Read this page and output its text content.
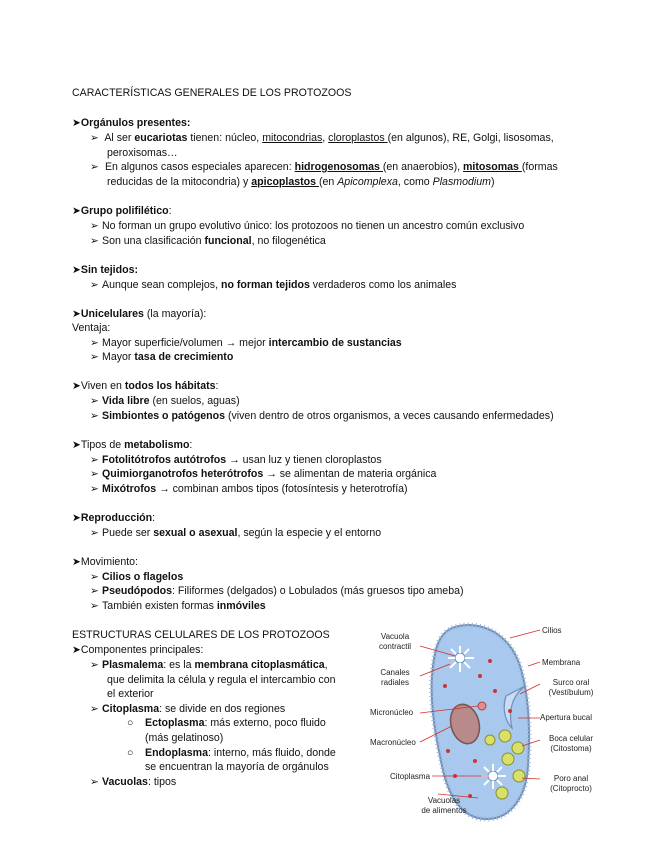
CARACTERÍSTICAS GENERALES DE LOS PROTOZOOS
➤Orgánulos presentes:
➢ Al ser eucariotas tienen: núcleo, mitocondrias, cloroplastos (en algunos), RE, Golgi, lisosomas,
peroxisomas…
➢ En algunos casos especiales aparecen: hidrogenosomas (en anaerobios), mitosomas (formas
reducidas de la mitocondria) y apicoplastos (en Apicomplexa, como Plasmodium)
➤Grupo polifilético:
➢ No forman un grupo evolutivo único: los protozoos no tienen un ancestro común exclusivo
➢ Son una clasificación funcional, no filogenética
➤Sin tejidos:
➢ Aunque sean complejos, no forman tejidos verdaderos como los animales
➤Unicelulares (la mayoría):
Ventaja:
➢ Mayor superficie/volumen → mejor intercambio de sustancias
➢ Mayor tasa de crecimiento
➤Viven en todos los hábitats:
➢ Vida libre (en suelos, aguas)
➢ Simbiontes o patógenos (viven dentro de otros organismos, a veces causando enfermedades)
➤Tipos de metabolismo:
➢ Fotolitótrofos autótrofos → usan luz y tienen cloroplastos
➢ Quimiorganotrofos heterótrofos → se alimentan de materia orgánica
➢ Mixótrofos → combinan ambos tipos (fotosíntesis y heterotrofía)
➤Reproducción:
➢ Puede ser sexual o asexual, según la especie y el entorno
➤Movimiento:
➢ Cilios o flagelos
➢ Pseudópodos: Filiformes (delgados) o Lobulados (más gruesos tipo ameba)
➢ También existen formas inmóviles
ESTRUCTURAS CELULARES DE LOS PROTOZOOS
➤Componentes principales:
➢ Plasmalema: es la membrana citoplasmática,
que delimita la célula y regula el intercambio con
el exterior
➢ Citoplasma: se divide en dos regiones
○ Ectoplasma: más externo, poco fluido
(más gelatinoso)
○ Endoplasma: interno, más fluido, donde
se encuentran la mayoría de orgánulos
➢ Vacuolas: tipos
Vacuola
contractil
Canales
radiales
Micronúcleo
Macronúcleo
Citoplasma
Vacuolas
de alimentos
Cilios
Membrana
Surco oral
(Vestíbulum)
Apertura bucal
Boca celular
(Citostoma)
Poro anal
(Citoprocto)
